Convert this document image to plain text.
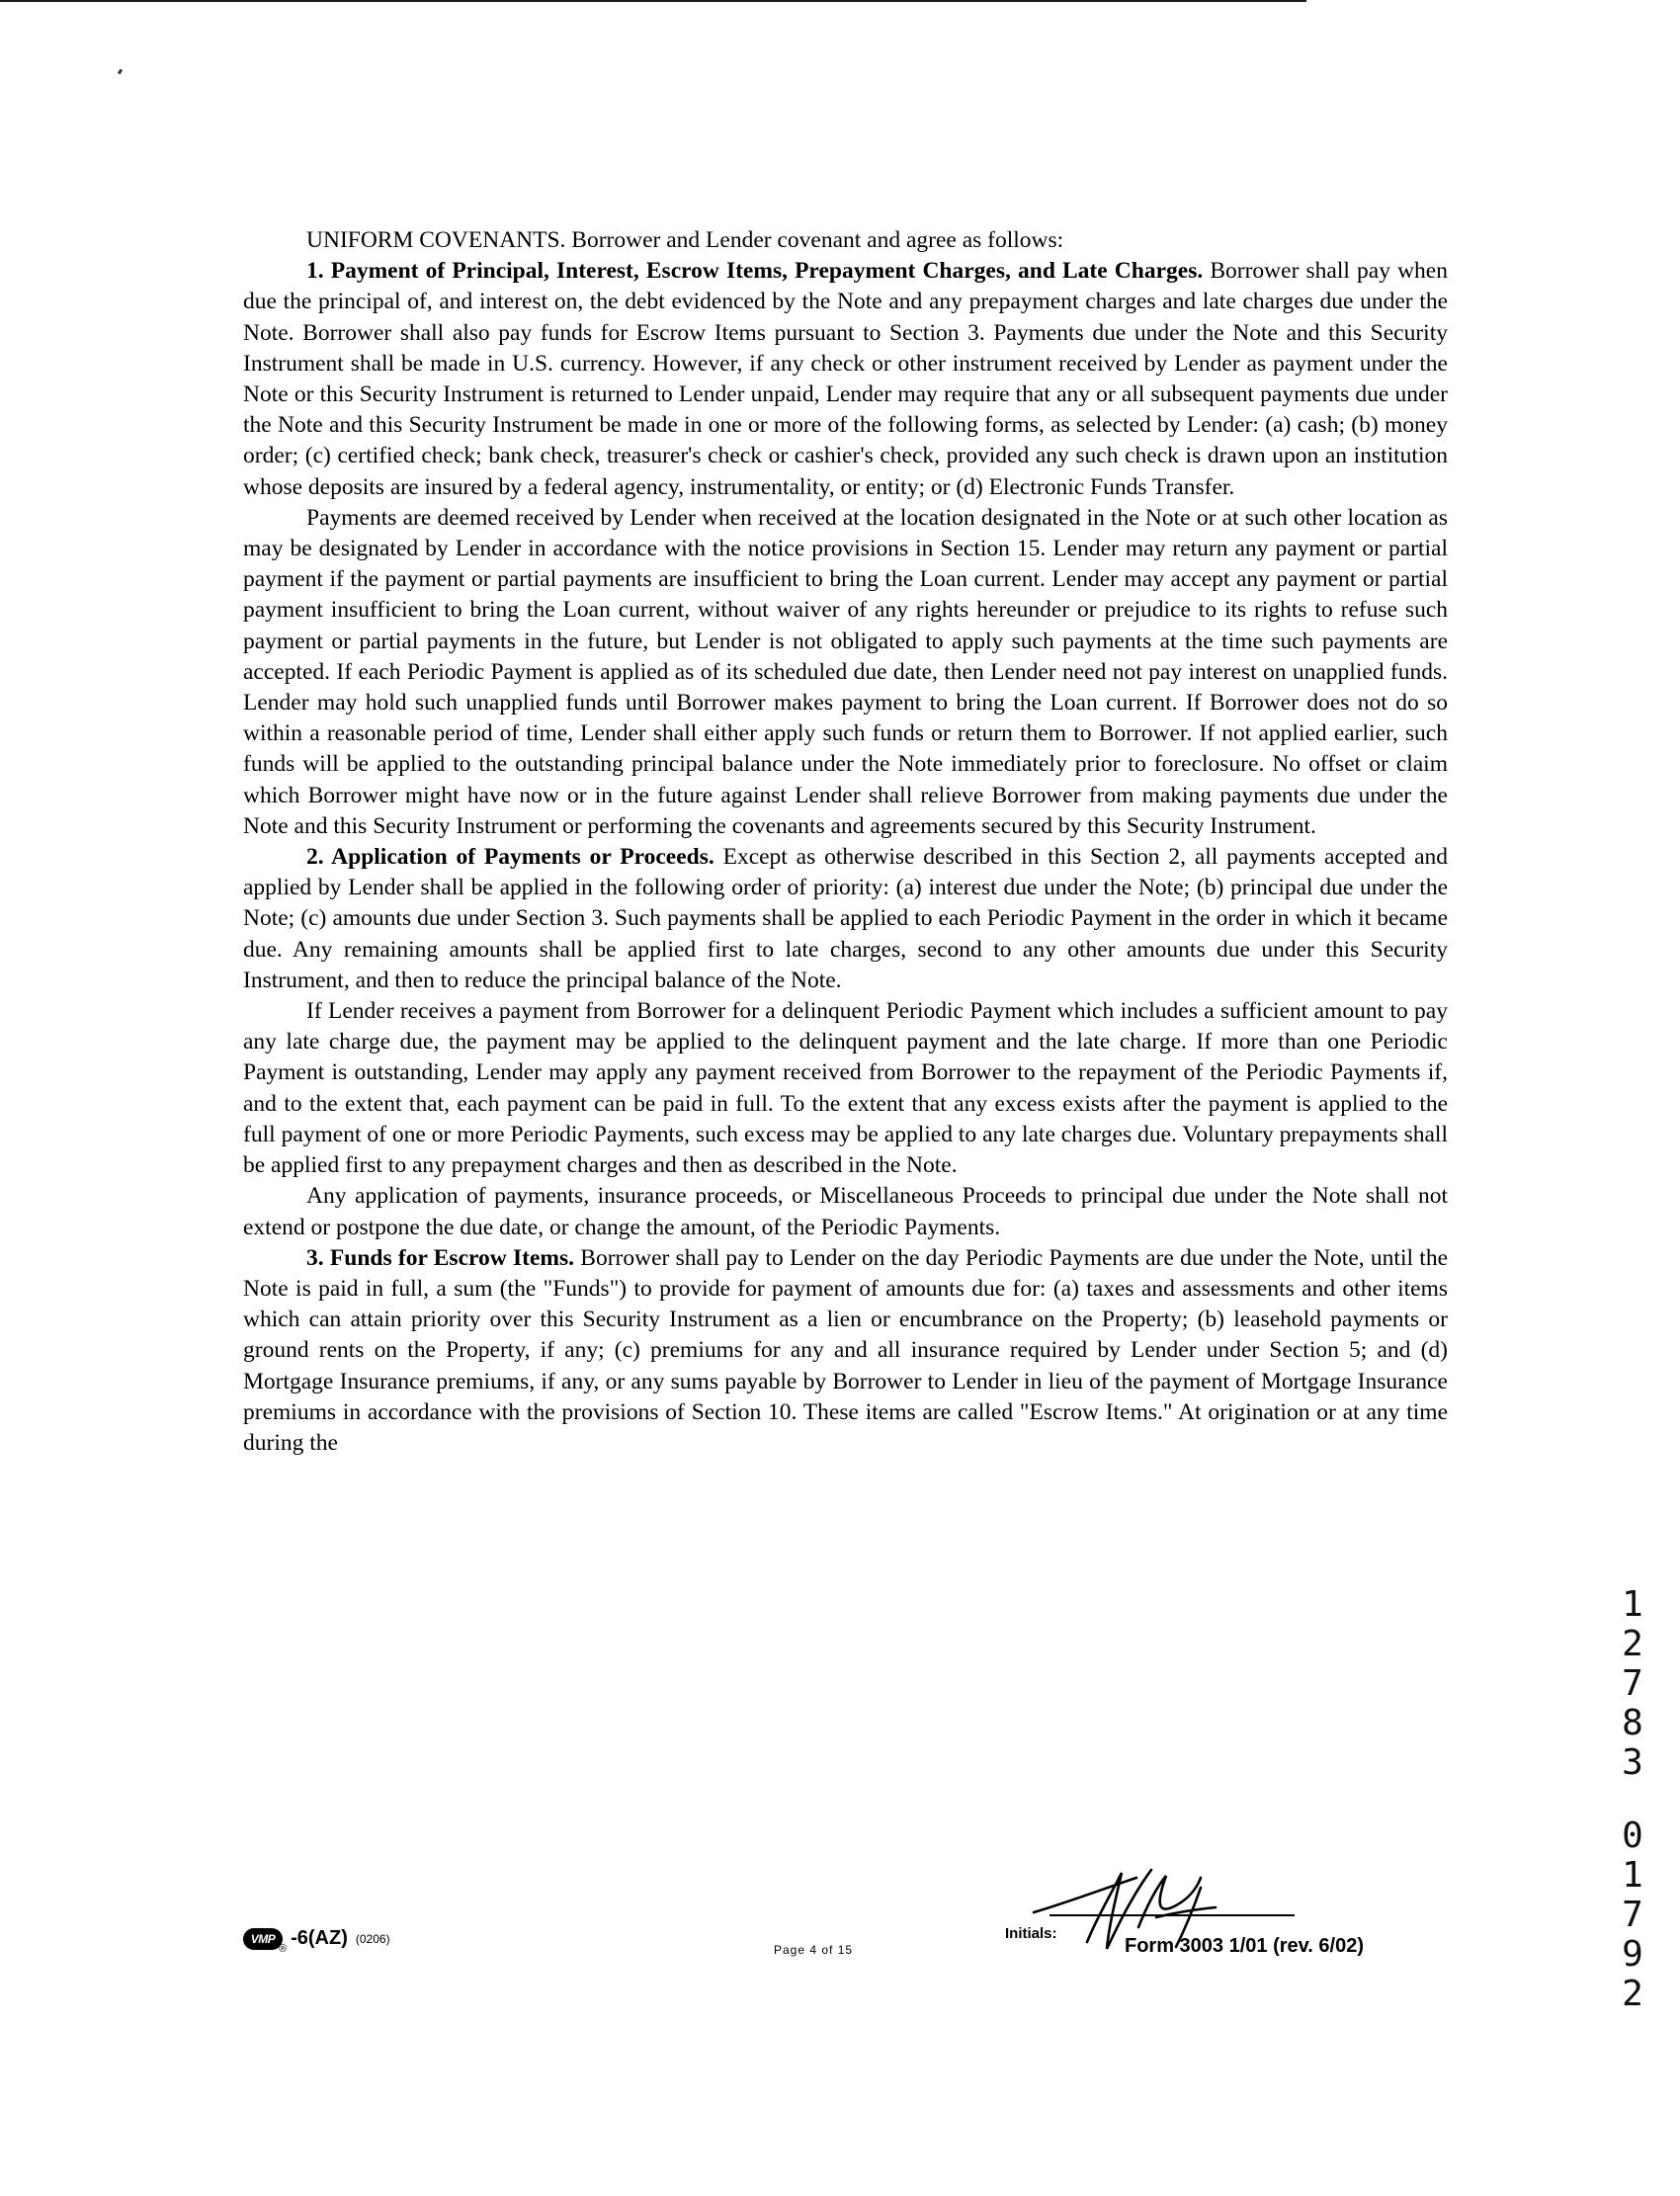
UNIFORM COVENANTS. Borrower and Lender covenant and agree as follows:

1. Payment of Principal, Interest, Escrow Items, Prepayment Charges, and Late Charges. Borrower shall pay when due the principal of, and interest on, the debt evidenced by the Note and any prepayment charges and late charges due under the Note. Borrower shall also pay funds for Escrow Items pursuant to Section 3. Payments due under the Note and this Security Instrument shall be made in U.S. currency. However, if any check or other instrument received by Lender as payment under the Note or this Security Instrument is returned to Lender unpaid, Lender may require that any or all subsequent payments due under the Note and this Security Instrument be made in one or more of the following forms, as selected by Lender: (a) cash; (b) money order; (c) certified check; bank check, treasurer's check or cashier's check, provided any such check is drawn upon an institution whose deposits are insured by a federal agency, instrumentality, or entity; or (d) Electronic Funds Transfer.

Payments are deemed received by Lender when received at the location designated in the Note or at such other location as may be designated by Lender in accordance with the notice provisions in Section 15. Lender may return any payment or partial payment if the payment or partial payments are insufficient to bring the Loan current. Lender may accept any payment or partial payment insufficient to bring the Loan current, without waiver of any rights hereunder or prejudice to its rights to refuse such payment or partial payments in the future, but Lender is not obligated to apply such payments at the time such payments are accepted. If each Periodic Payment is applied as of its scheduled due date, then Lender need not pay interest on unapplied funds. Lender may hold such unapplied funds until Borrower makes payment to bring the Loan current. If Borrower does not do so within a reasonable period of time, Lender shall either apply such funds or return them to Borrower. If not applied earlier, such funds will be applied to the outstanding principal balance under the Note immediately prior to foreclosure. No offset or claim which Borrower might have now or in the future against Lender shall relieve Borrower from making payments due under the Note and this Security Instrument or performing the covenants and agreements secured by this Security Instrument.

2. Application of Payments or Proceeds. Except as otherwise described in this Section 2, all payments accepted and applied by Lender shall be applied in the following order of priority: (a) interest due under the Note; (b) principal due under the Note; (c) amounts due under Section 3. Such payments shall be applied to each Periodic Payment in the order in which it became due. Any remaining amounts shall be applied first to late charges, second to any other amounts due under this Security Instrument, and then to reduce the principal balance of the Note.

If Lender receives a payment from Borrower for a delinquent Periodic Payment which includes a sufficient amount to pay any late charge due, the payment may be applied to the delinquent payment and the late charge. If more than one Periodic Payment is outstanding, Lender may apply any payment received from Borrower to the repayment of the Periodic Payments if, and to the extent that, each payment can be paid in full. To the extent that any excess exists after the payment is applied to the full payment of one or more Periodic Payments, such excess may be applied to any late charges due. Voluntary prepayments shall be applied first to any prepayment charges and then as described in the Note.

Any application of payments, insurance proceeds, or Miscellaneous Proceeds to principal due under the Note shall not extend or postpone the due date, or change the amount, of the Periodic Payments.

3. Funds for Escrow Items. Borrower shall pay to Lender on the day Periodic Payments are due under the Note, until the Note is paid in full, a sum (the "Funds") to provide for payment of amounts due for: (a) taxes and assessments and other items which can attain priority over this Security Instrument as a lien or encumbrance on the Property; (b) leasehold payments or ground rents on the Property, if any; (c) premiums for any and all insurance required by Lender under Section 5; and (d) Mortgage Insurance premiums, if any, or any sums payable by Borrower to Lender in lieu of the payment of Mortgage Insurance premiums in accordance with the provisions of Section 10. These items are called "Escrow Items." At origination or at any time during the

1
2
7
8
3
0
1
7
9
2
VMP
® -6(AZ) (0206)
Page 4 of 15
Initials:
Form 3003 1/01 (rev. 6/02)
